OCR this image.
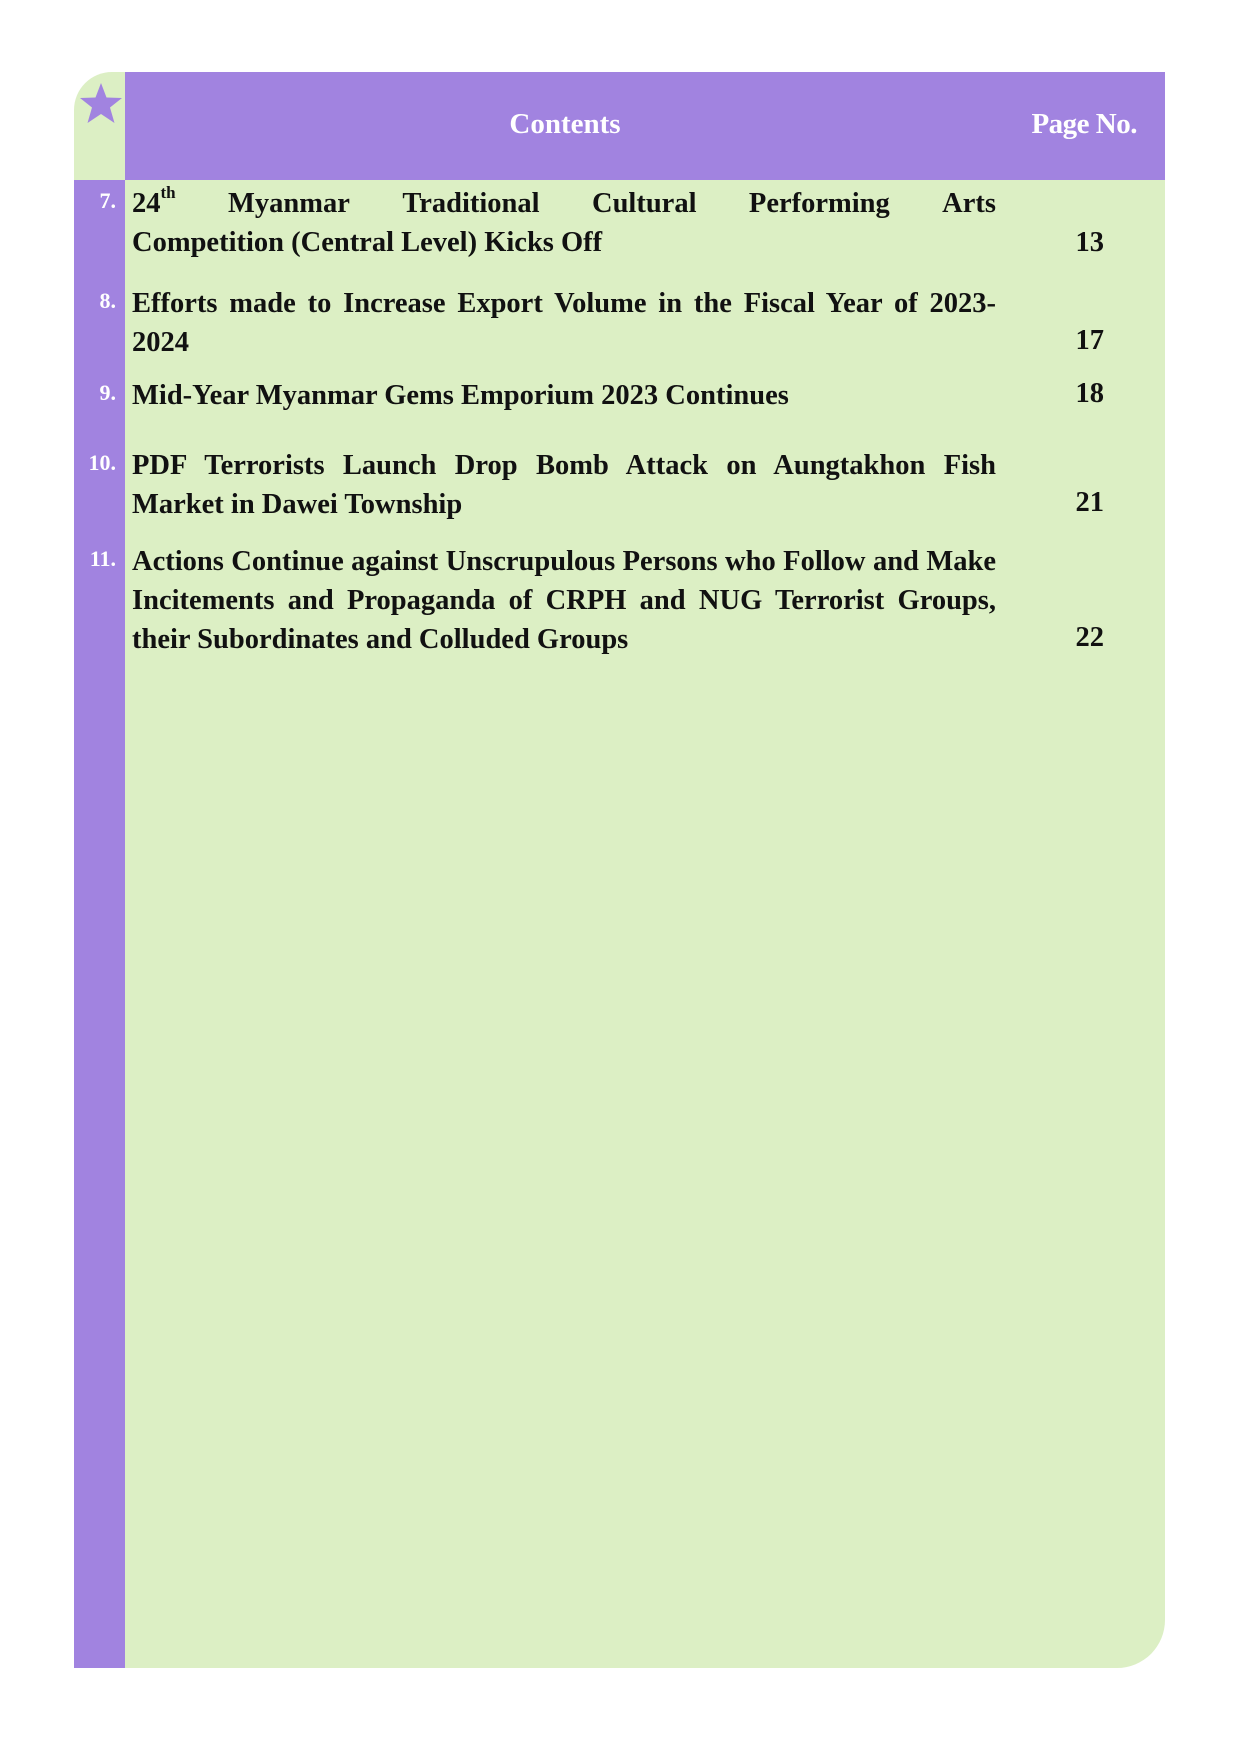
Contents	Page No.
7. 24th Myanmar Traditional Cultural Performing Arts
Competition (Central Level) Kicks Off	13
8. Efforts made to Increase Export Volume in the Fiscal Year of 2023-2024	17
9. Mid-Year Myanmar Gems Emporium 2023 Continues	18
10. PDF Terrorists Launch Drop Bomb Attack on Aungtakhon Fish Market in Dawei Township	21
11. Actions Continue against Unscrupulous Persons who Follow and Make Incitements and Propaganda of CRPH and NUG Terrorist Groups, their Subordinates and Colluded Groups	22
